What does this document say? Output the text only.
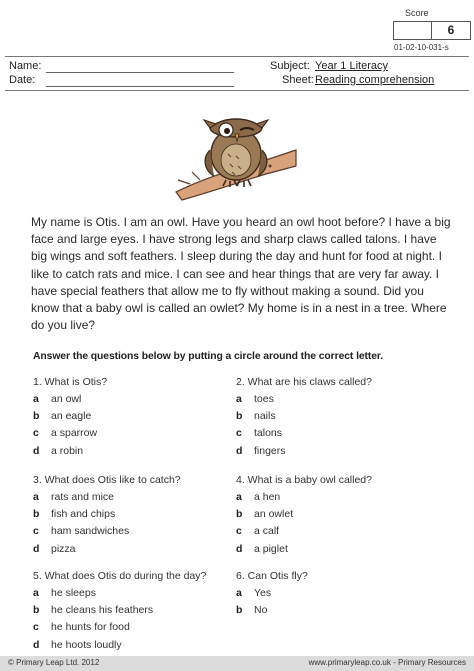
Score
6
01-02-10-031-s
Name:
Date:
Subject: Year 1 Literacy
Sheet: Reading comprehension
My name is Otis. I am an owl. Have you heard an owl hoot before? I have a big face and large eyes. I have strong legs and sharp claws called talons. I have big wings and soft feathers. I sleep during the day and hunt for food at night. I like to catch rats and mice. I can see and hear things that are very far away. I have special feathers that allow me to fly without making a sound. Did you know that a baby owl is called an owlet? My home is in a nest in a tree. Where do you live?
Answer the questions below by putting a circle around the correct letter.
1. What is Otis?
a	an owl
b	an eagle
c	a sparrow
d	a robin
2. What are his claws called?
a	toes
b	nails
c	talons
d	fingers
3. What does Otis like to catch?
a	rats and mice
b	fish and chips
c	ham sandwiches
d	pizza
4. What is a baby owl called?
a	a hen
b	an owlet
c	a calf
d	a piglet
5. What does Otis do during the day?
a	he sleeps
b	he cleans his feathers
c	he hunts for food
d	he hoots loudly
6. Can Otis fly?
a	Yes
b	No
© Primary Leap Ltd. 2012	www.primaryleap.co.uk - Primary Resources
